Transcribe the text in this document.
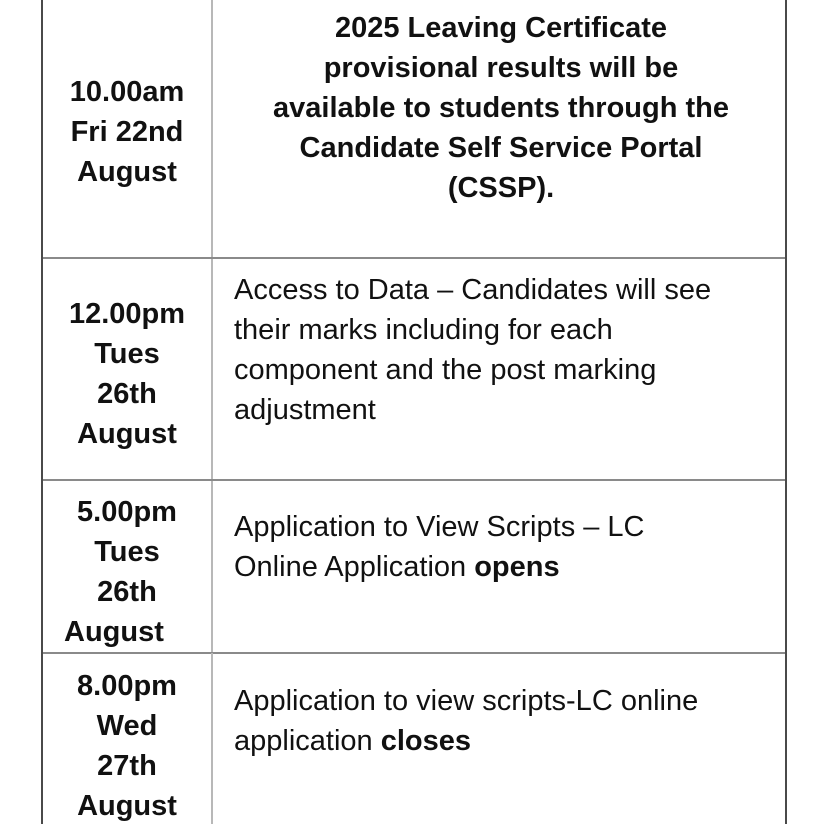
10.00am
Fri 22nd
August
2025 Leaving Certificate
provisional results will be
available to students through the
Candidate Self Service Portal
(CSSP).
12.00pm
Tues
26th
August
Access to Data – Candidates will see
their marks including for each
component and the post marking
adjustment
5.00pm
Tues
26th
August
Application to View Scripts – LC
Online Application opens
8.00pm
Wed
27th
August
Application to view scripts-LC online
application closes
